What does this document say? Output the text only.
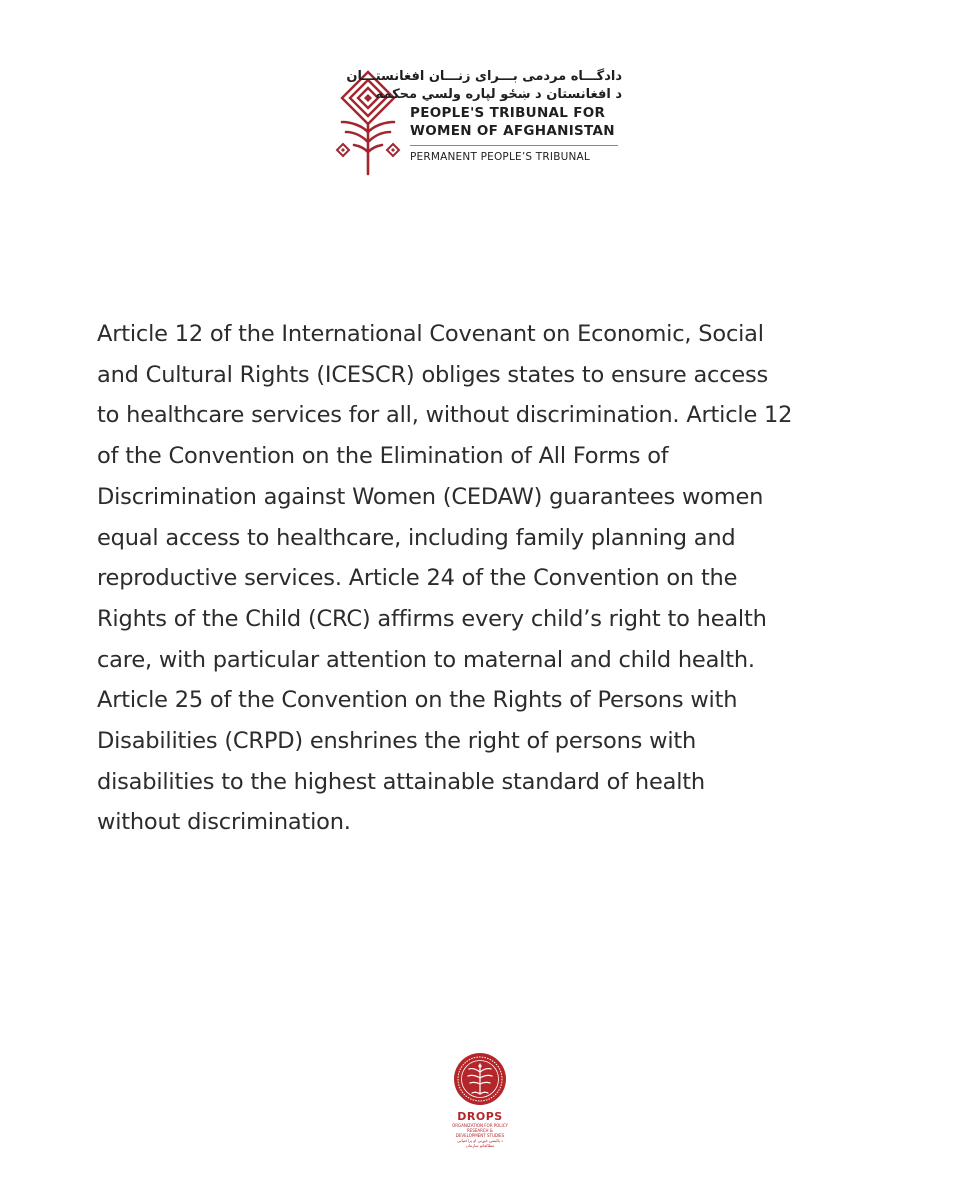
دادگـــاه مردمی بـــرای زنـــان افغانستـــان
د افغانستان د ښځو لپاره ولسي محکمه
PEOPLE'S TRIBUNAL FOR
WOMEN OF AFGHANISTAN
PERMANENT PEOPLE’S TRIBUNAL
Article 12 of the International Covenant on Economic, Social
and Cultural Rights (ICESCR) obliges states to ensure access
to healthcare services for all, without discrimination. Article 12
of the Convention on the Elimination of All Forms of
Discrimination against Women (CEDAW) guarantees women
equal access to healthcare, including family planning and
reproductive services. Article 24 of the Convention on the
Rights of the Child (CRC) affirms every child’s right to health
care, with particular attention to maternal and child health.
Article 25 of the Convention on the Rights of Persons with
Disabilities (CRPD) enshrines the right of persons with
disabilities to the highest attainable standard of health
without discrimination.
DROPS
ORGANIZATION FOR POLICY RESEARCH & DEVELOPMENT STUDIES
د پالیسۍ څیړنې او پراختیایي مطالعاتو سازمان
